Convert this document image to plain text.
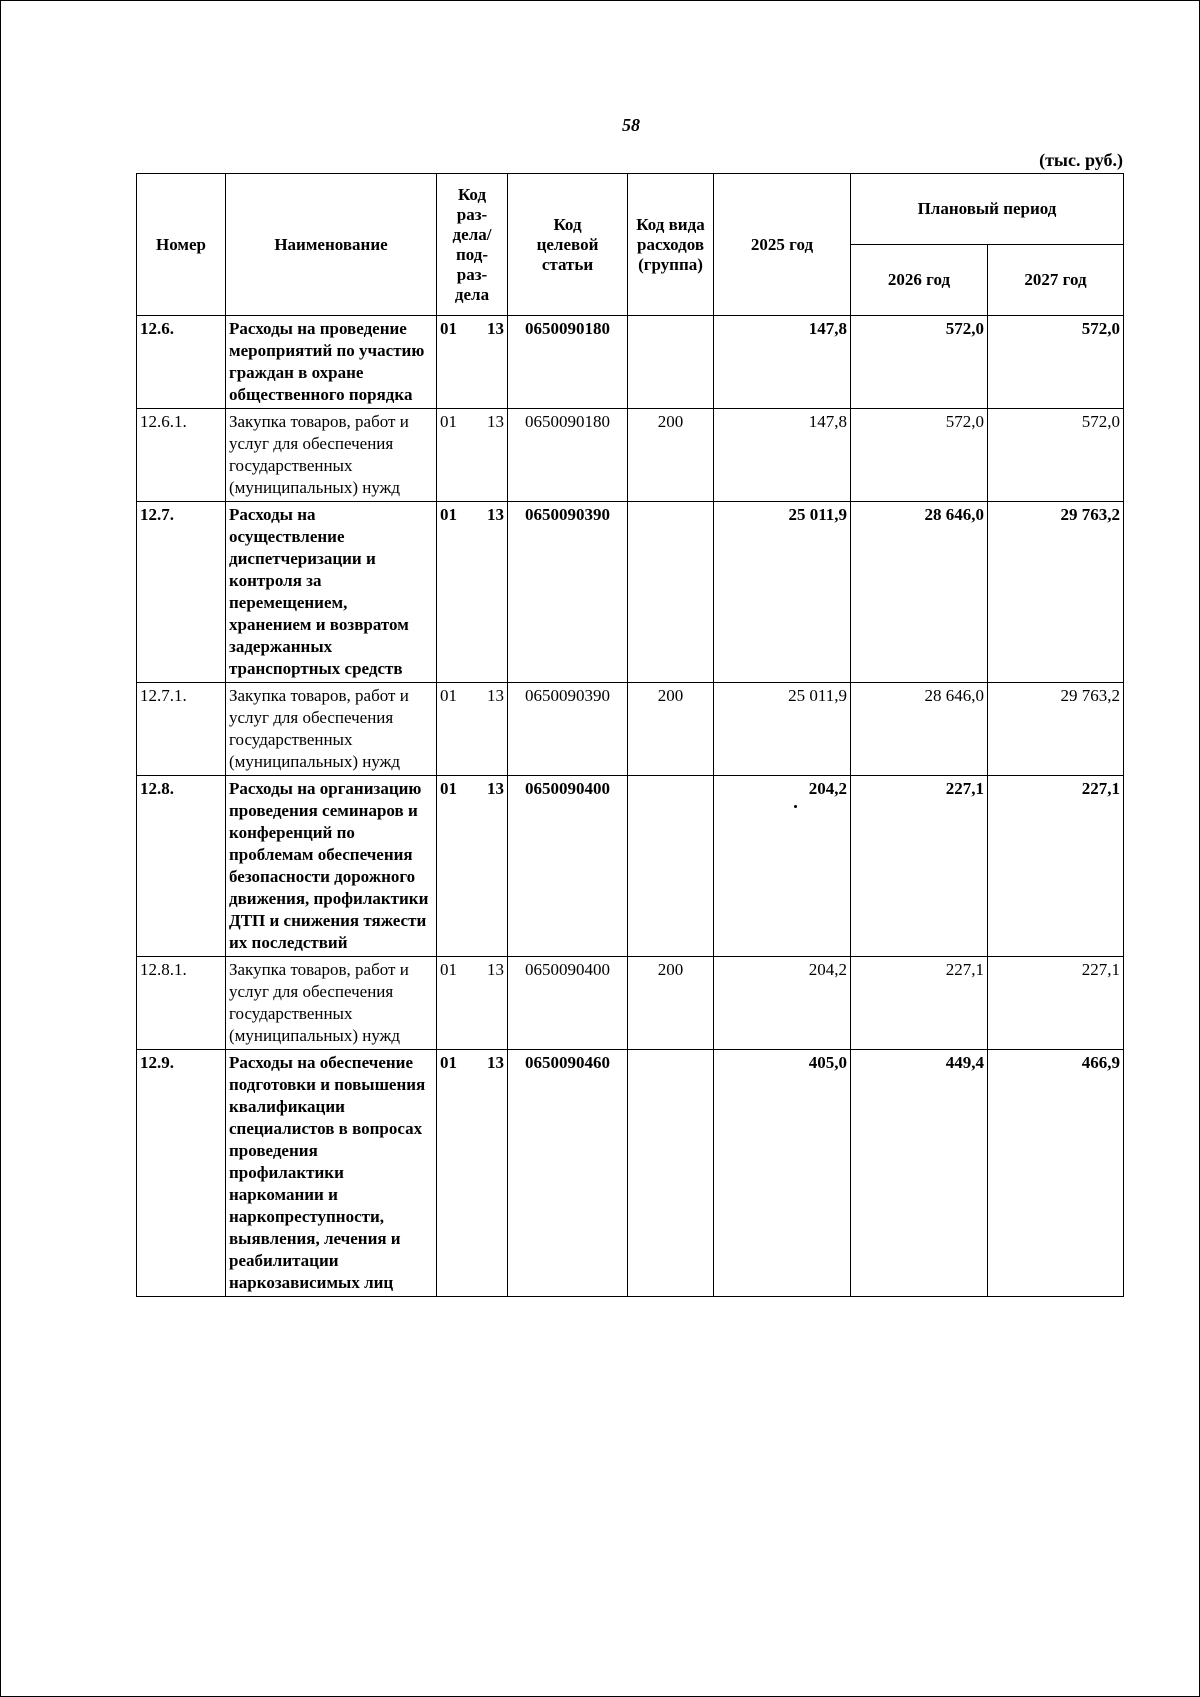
58
(тыс. руб.)
Номер	Наименование	Код раз- дела/ под- раз- дела	Код целевой статьи	Код вида расходов (группа)	2025 год	Плановый период	
						2026 год	2027 год
12.6.	Расходы на проведение мероприятий по участию граждан в охране общественного порядка	01 13	0650090180		147,8	572,0	572,0
12.6.1.	Закупка товаров, работ и услуг для обеспечения государственных (муниципальных) нужд	01 13	0650090180	200	147,8	572,0	572,0
12.7.	Расходы на осуществление диспетчеризации и контроля за перемещением, хранением и возвратом задержанных транспортных средств	01 13	0650090390		25 011,9	28 646,0	29 763,2
12.7.1.	Закупка товаров, работ и услуг для обеспечения государственных (муниципальных) нужд	01 13	0650090390	200	25 011,9	28 646,0	29 763,2
12.8.	Расходы на организацию проведения семинаров и конференций по проблемам обеспечения безопасности дорожного движения, профилактики ДТП и снижения тяжести их последствий	01 13	0650090400		204,2	227,1	227,1
12.8.1.	Закупка товаров, работ и услуг для обеспечения государственных (муниципальных) нужд	01 13	0650090400	200	204,2	227,1	227,1
12.9.	Расходы на обеспечение подготовки и повышения квалификации специалистов в вопросах проведения профилактики наркомании и наркопреступности, выявления, лечения и реабилитации наркозависимых лиц	01 13	0650090460		405,0	449,4	466,9
